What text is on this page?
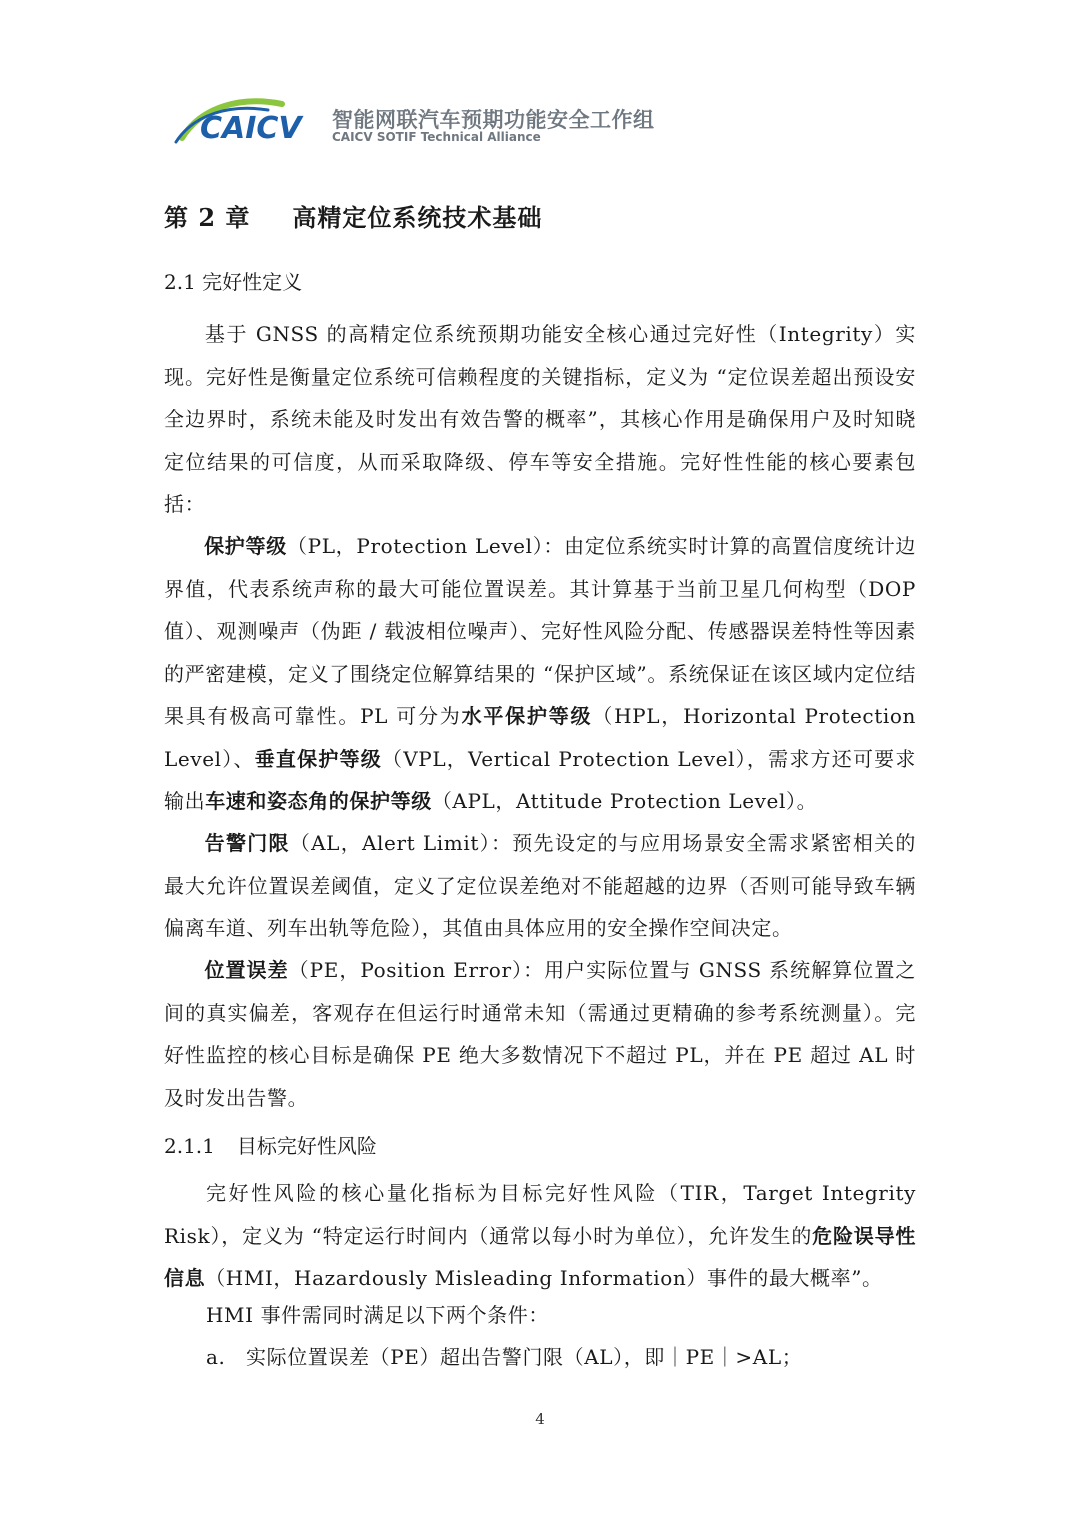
CAICV 智能网联汽车预期功能安全工作组
CAICV SOTIF Technical Alliance
第 2 章 高精定位系统技术基础
2.1 完好性定义

基于 GNSS 的高精定位系统预期功能安全核心通过完好性（Integrity）实现。完好性是衡量定位系统可信赖程度的关键指标，定义为 “定位误差超出预设安全边界时，系统未能及时发出有效告警的概率”，其核心作用是确保用户及时知晓定位结果的可信度，从而采取降级、停车等安全措施。完好性性能的核心要素包括：

保护等级（PL，Protection Level）：由定位系统实时计算的高置信度统计边界值，代表系统声称的最大可能位置误差。其计算基于当前卫星几何构型（DOP 值）、观测噪声（伪距 / 载波相位噪声）、完好性风险分配、传感器误差特性等因素的严密建模，定义了围绕定位解算结果的 “保护区域”。系统保证在该区域内定位结果具有极高可靠性。PL 可分为水平保护等级（HPL，Horizontal Protection Level）、垂直保护等级（VPL，Vertical Protection Level），需求方还可要求输出车速和姿态角的保护等级（APL，Attitude Protection Level）。

告警门限（AL，Alert Limit）：预先设定的与应用场景安全需求紧密相关的最大允许位置误差阈值，定义了定位误差绝对不能超越的边界（否则可能导致车辆偏离车道、列车出轨等危险），其值由具体应用的安全操作空间决定。

位置误差（PE，Position Error）：用户实际位置与 GNSS 系统解算位置之间的真实偏差，客观存在但运行时通常未知（需通过更精确的参考系统测量）。完好性监控的核心目标是确保 PE 绝大多数情况下不超过 PL，并在 PE 超过 AL 时及时发出告警。

2.1.1 目标完好性风险

完好性风险的核心量化指标为目标完好性风险（TIR，Target Integrity Risk），定义为 “特定运行时间内（通常以每小时为单位），允许发生的危险误导性信息（HMI，Hazardously Misleading Information）事件的最大概率”。

HMI 事件需同时满足以下两个条件：
a. 实际位置误差（PE）超出告警门限（AL），即｜PE｜>AL；
4
